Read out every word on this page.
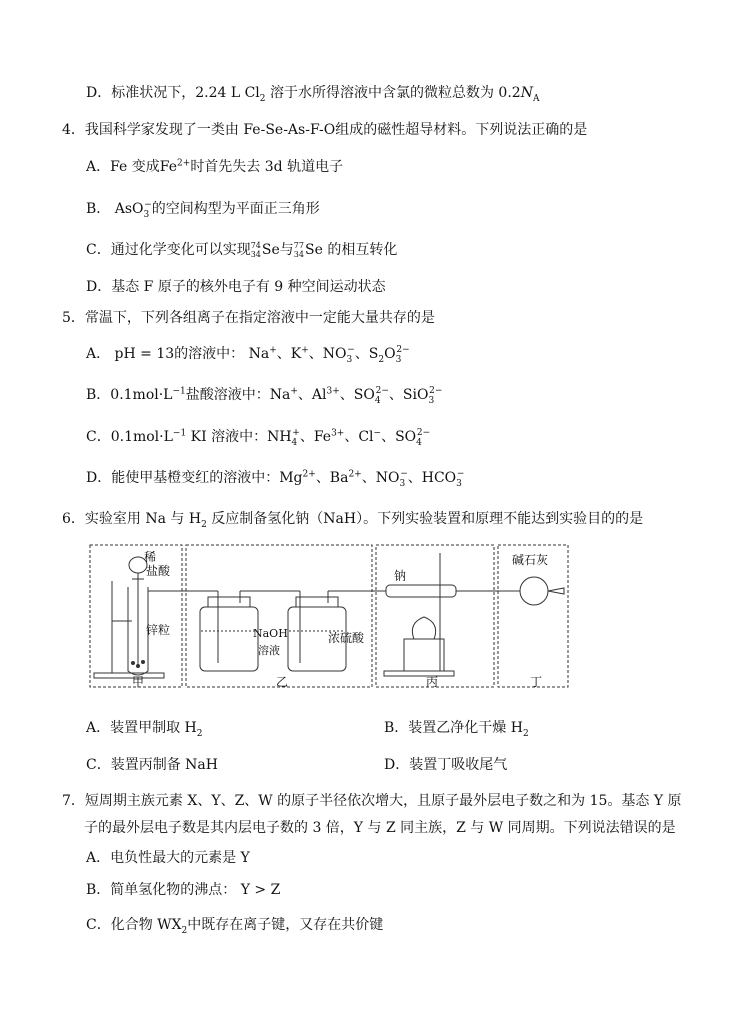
D．标准状况下，2.24 L $Cl_2$ 溶于水所得溶液中含氯的微粒总数为 $0.2N_A$
4．我国科学家发现了一类由 Fe-Se-As-F-O组成的磁性超导材料。下列说法正确的是
A．Fe 变成$Fe^{2+}$时首先失去 3d 轨道电子
B． AsO$_3$−的空间构型为平面正三角形
C．通过化学变化可以实现74
34Se与77
34Se 的相互转化
D．基态 F 原子的核外电子有 9 种空间运动状态
5．常温下，下列各组离子在指定溶液中一定能大量共存的是
A． pH = 13的溶液中： Na+、K+、$NO_3^-$、$S_2O_3^{2-}$
B．$0.1mol\cdot L^{-1}$盐酸溶液中：Na+、$Al^{3+}$、$SO_4^{2-}$、SiO$_3^{2-}$
C．$0.1mol\cdot L^{-1}$ KI 溶液中：$NH_4^+$、$Fe^{3+}$、Cl−、$SO_4^{2-}$
D．能使甲基橙变红的溶液中：$Mg^{2+}$、$Ba^{2+}$、$NO_3^-$、$HCO_3^-$
6．实验室用 Na 与 $H_2$ 反应制备氢化钠（NaH）。下列实验装置和原理不能达到实验目的的是
稀
盐酸
锌粒	NaOH
溶液
浓硫酸
钠
碱石灰
甲	乙	丙	丁
A．装置甲制取 $H_2$	B．装置乙净化干燥 $H_2$
C．装置丙制备 NaH	D．装置丁吸收尾气
7．短周期主族元素 X、Y、Z、W 的原子半径依次增大，且原子最外层电子数之和为 15。基态 Y 原
子的最外层电子数是其内层电子数的 3 倍，Y 与 Z 同主族，Z 与 W 同周期。下列说法错误的是
A．电负性最大的元素是 Y
B．简单氢化物的沸点： Y > Z
C．化合物 $WX_2$中既存在离子键，又存在共价键
